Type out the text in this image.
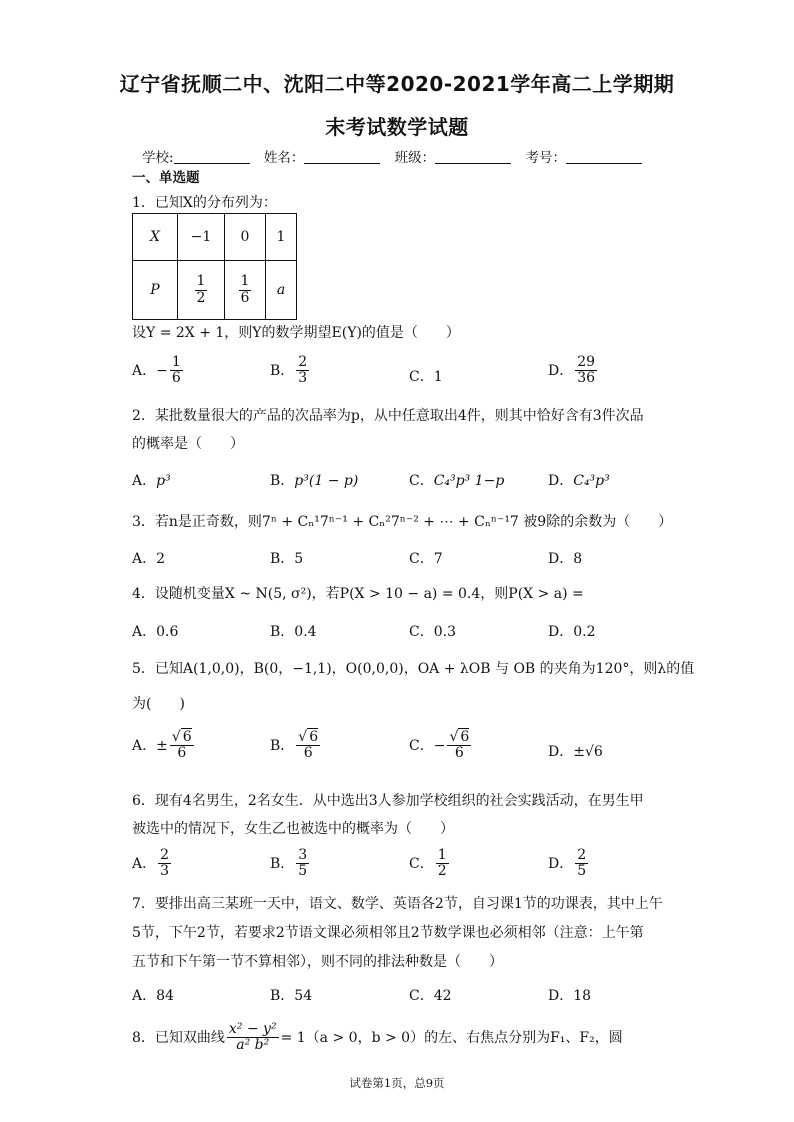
辽宁省抚顺二中、沈阳二中等2020-2021学年高二上学期期
末考试数学试题
学校:	姓名：	班级：	考号：
一、单选题
1．已知X的分布列为：
X	−1	0	1
P	$\frac{1}{2}$	$\frac{1}{6}$	a
设Y = 2X + 1，则Y的数学期望E(Y)的值是（　　）
A．− $\frac{1}{6}$	B． $\frac{2}{3}$	C．1	D． $\frac{29}{36}$
2．某批数量很大的产品的次品率为p，从中任意取出4件，则其中恰好含有3件次品
的概率是（　　）
A．p³	B．p³(1 − p)	C．C₄³p³ 1−p	D．C₄³p³
3．若n是正奇数，则7ⁿ + Cₙ¹7ⁿ⁻¹ + Cₙ²7ⁿ⁻² + ⋯ + Cₙⁿ⁻¹7 被9除的余数为（　　）
A．2	B．5	C．7	D．8
4．设随机变量X ~ N(5, σ²)，若P(X > 10 − a) = 0.4，则P(X > a) =
A．0.6	B．0.4	C．0.3	D．0.2
5．已知A(1,0,0)，B(0，−1,1)，O(0,0,0)，OA + λOB 与 OB 的夹角为120°，则λ的值
为(　　)
A．± $\frac{√ 6}{6}$	B． $\frac{√ 6}{6}$	C．− $\frac{√ 6}{6}$	D．±√6
6．现有4名男生，2名女生．从中选出3人参加学校组织的社会实践活动，在男生甲
被选中的情况下，女生乙也被选中的概率为（　　）
A． $\frac{2}{3}$	B． $\frac{3}{5}$	C． $\frac{1}{2}$	D． $\frac{2}{5}$
7．要排出高三某班一天中，语文、数学、英语各2节，自习课1节的功课表，其中上午
5节，下午2节，若要求2节语文课必须相邻且2节数学课也必须相邻（注意：上午第
五节和下午第一节不算相邻），则不同的排法种数是（　　）
A．84	B．54	C．42	D．18
8．已知双曲线 $\frac{\text{x² − y²}}{\text{a² b²}} = 1(a > 0$，b > 0）的左、右焦点分别为F₁、F₂，圆
试卷第1页，总9页
